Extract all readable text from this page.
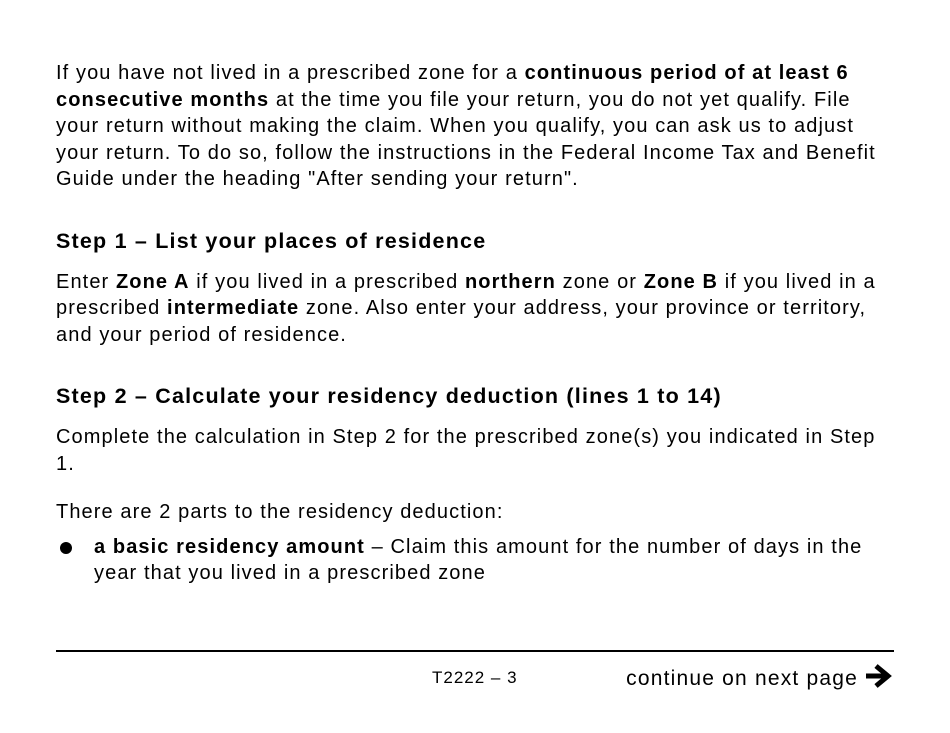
If you have not lived in a prescribed zone for a continuous period of at least 6 consecutive months at the time you file your return, you do not yet qualify. File your return without making the claim. When you qualify, you can ask us to adjust your return. To do so, follow the instructions in the Federal Income Tax and Benefit Guide under the heading "After sending your return".

Step 1 – List your places of residence

Enter Zone A if you lived in a prescribed northern zone or Zone B if you lived in a prescribed intermediate zone. Also enter your address, your province or territory, and your period of residence.

Step 2 – Calculate your residency deduction (lines 1 to 14)

Complete the calculation in Step 2 for the prescribed zone(s) you indicated in Step 1.

There are 2 parts to the residency deduction:

a basic residency amount – Claim this amount for the number of days in the year that you lived in a prescribed zone
T2222 – 3	continue on next page
